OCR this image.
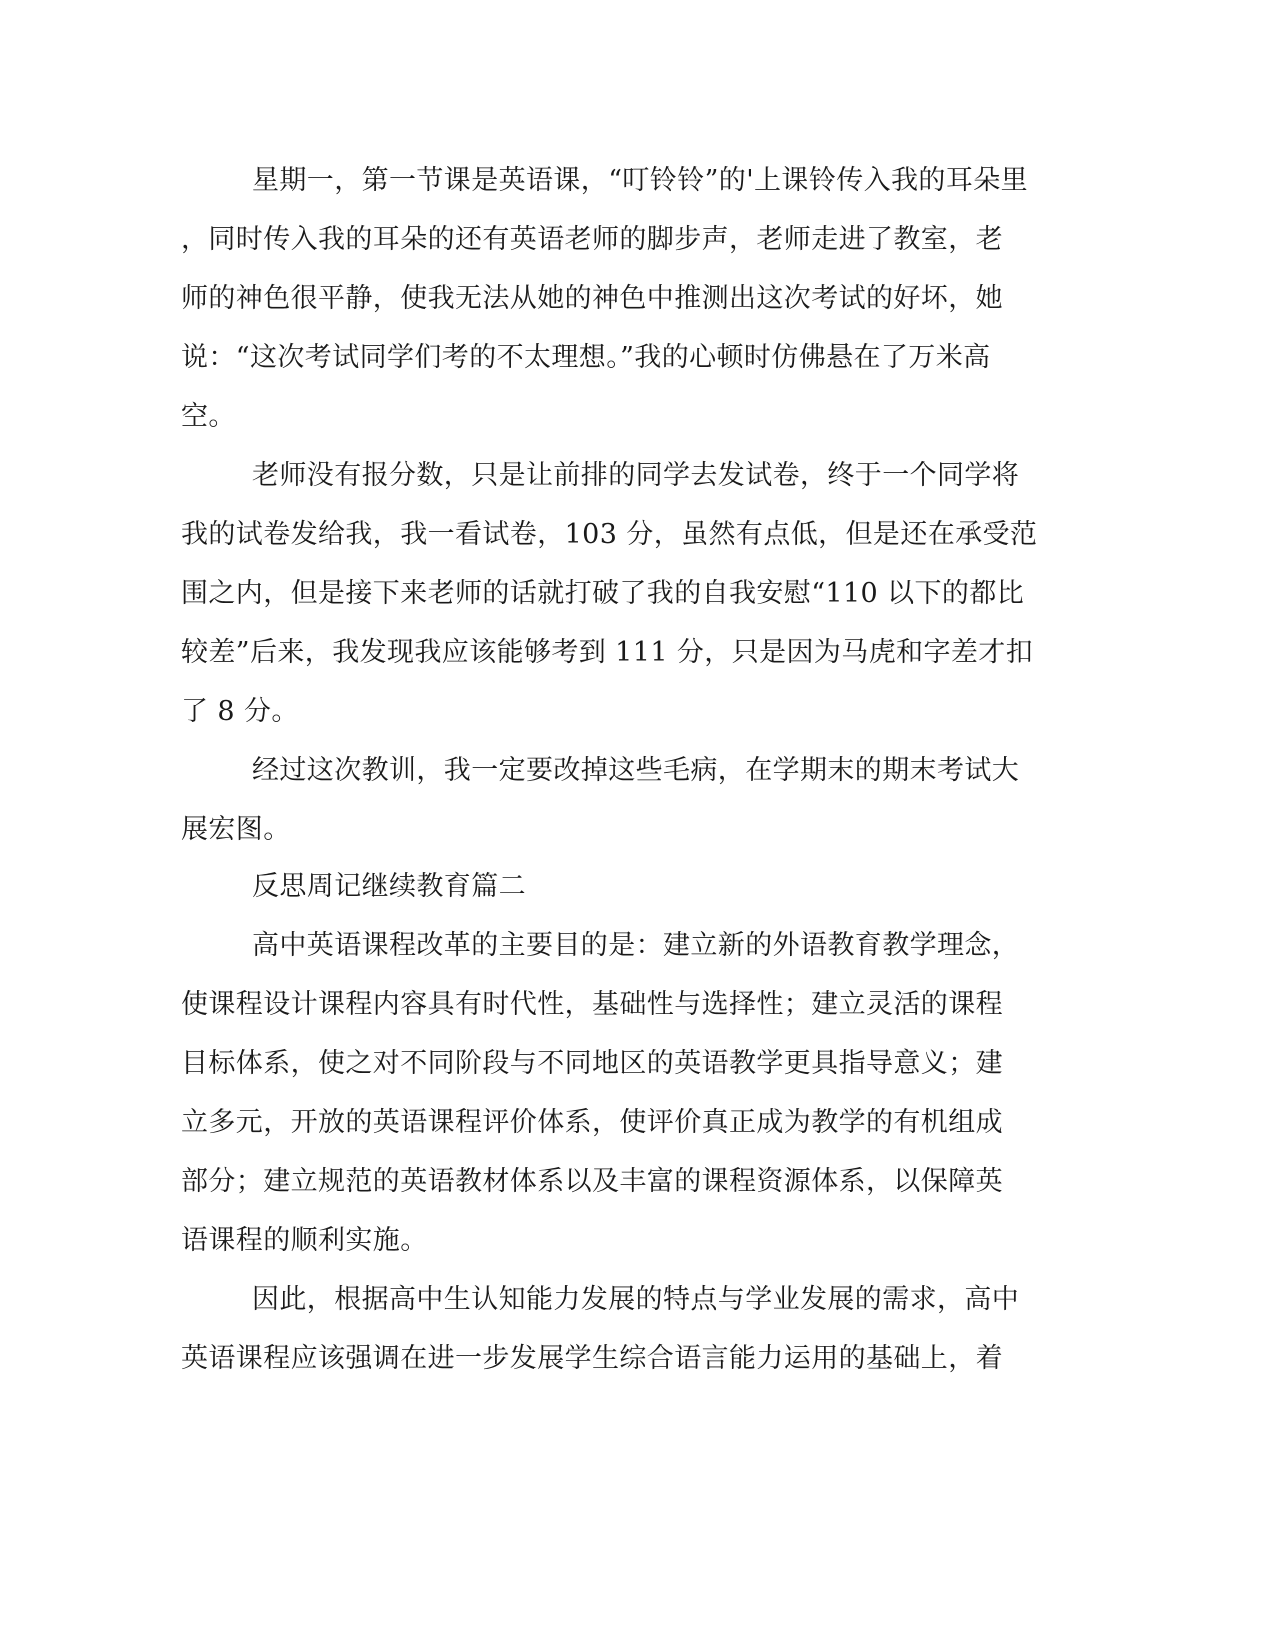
星期一，第一节课是英语课，“叮铃铃”的'上课铃传入我的耳朵里
，同时传入我的耳朵的还有英语老师的脚步声，老师走进了教室，老
师的神色很平静，使我无法从她的神色中推测出这次考试的好坏，她
说：“这次考试同学们考的不太理想。”我的心顿时仿佛悬在了万米高
空。
老师没有报分数，只是让前排的同学去发试卷，终于一个同学将
我的试卷发给我，我一看试卷，103 分，虽然有点低，但是还在承受范
围之内，但是接下来老师的话就打破了我的自我安慰“110 以下的都比
较差”后来，我发现我应该能够考到 111 分，只是因为马虎和字差才扣
了 8 分。
经过这次教训，我一定要改掉这些毛病，在学期末的期末考试大
展宏图。
反思周记继续教育篇二
高中英语课程改革的主要目的是：建立新的外语教育教学理念，
使课程设计课程内容具有时代性，基础性与选择性；建立灵活的课程
目标体系，使之对不同阶段与不同地区的英语教学更具指导意义；建
立多元，开放的英语课程评价体系，使评价真正成为教学的有机组成
部分；建立规范的英语教材体系以及丰富的课程资源体系，以保障英
语课程的顺利实施。
因此，根据高中生认知能力发展的特点与学业发展的需求，高中
英语课程应该强调在进一步发展学生综合语言能力运用的基础上，着
